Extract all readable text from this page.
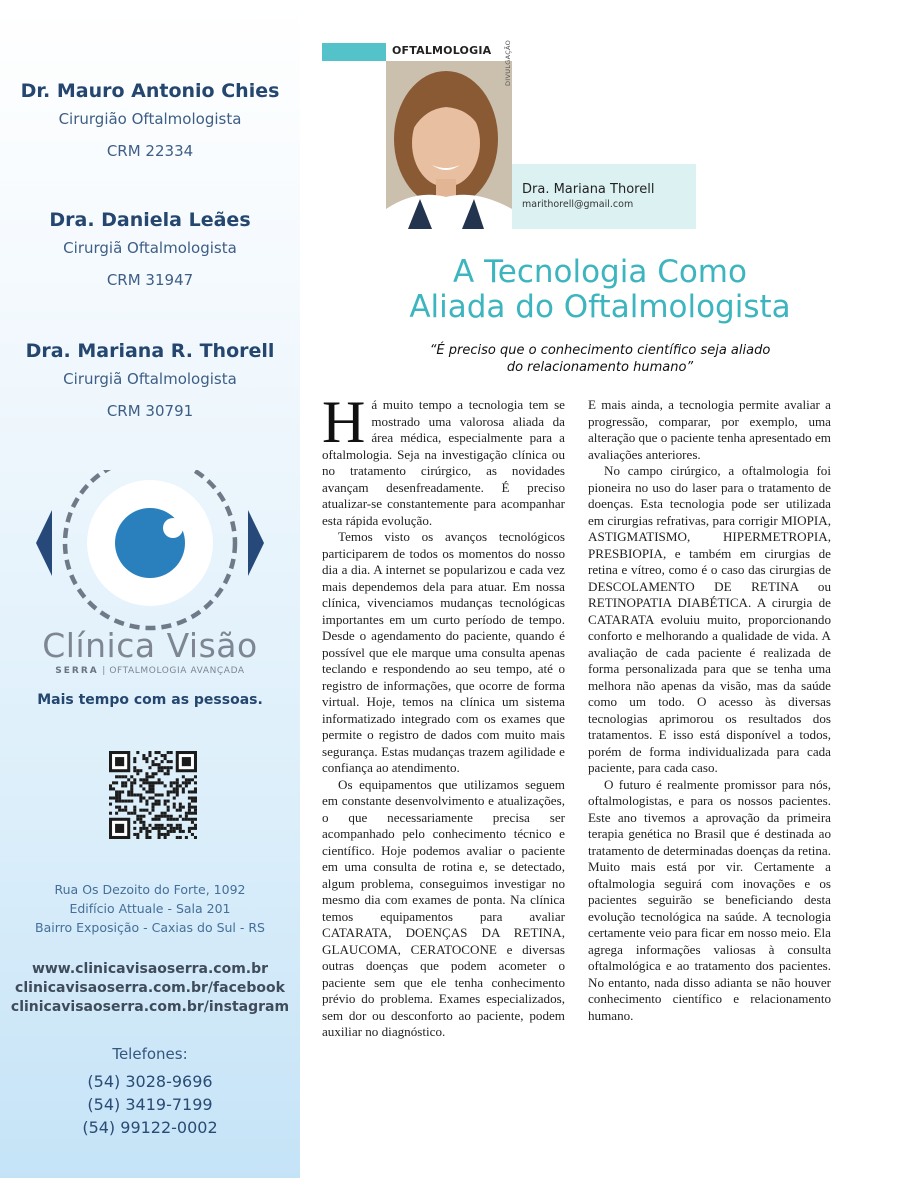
Dr. Mauro Antonio Chies
Cirurgião Oftalmologista
CRM 22334
Dra. Daniela Leães
Cirurgiã Oftalmologista
CRM 31947
Dra. Mariana R. Thorell
Cirurgiã Oftalmologista
CRM 30791
Clínica Visão
SERRA | OFTALMOLOGIA AVANÇADA
Mais tempo com as pessoas.
Rua Os Dezoito do Forte, 1092
Edifício Attuale - Sala 201
Bairro Exposição - Caxias do Sul - RS
www.clinicavisaoserra.com.br
clinicavisaoserra.com.br/facebook
clinicavisaoserra.com.br/instagram
Telefones:
(54) 3028-9696
(54) 3419-7199
(54) 99122-0002
OFTALMOLOGIA DIVULGAÇÃO
Dra. Mariana Thorell
marithorell@gmail.com
A Tecnologia Como
Aliada do Oftalmologista
“É preciso que o conhecimento científico seja aliado
do relacionamento humano”

Há muito tempo a tecnologia tem se mostrado uma valorosa aliada da área médica, especialmente para a oftalmologia. Seja na investigação clínica ou no tratamento cirúrgico, as novidades avançam desenfreadamente. É preciso atualizar-se constantemente para acompanhar esta rápida evolução.

Temos visto os avanços tecnológicos participarem de todos os momentos do nosso dia a dia. A internet se popularizou e cada vez mais dependemos dela para atuar. Em nossa clínica, vivenciamos mudanças tecnológicas importantes em um curto período de tempo. Desde o agendamento do paciente, quando é possível que ele marque uma consulta apenas teclando e respondendo ao seu tempo, até o registro de informações, que ocorre de forma virtual. Hoje, temos na clínica um sistema informatizado integrado com os exames que permite o registro de dados com muito mais segurança. Estas mudanças trazem agilidade e confiança ao atendimento.

Os equipamentos que utilizamos seguem em constante desenvolvimento e atualizações, o que necessariamente precisa ser acompanhado pelo conhecimento técnico e científico. Hoje podemos avaliar o paciente em uma consulta de rotina e, se detectado, algum problema, conseguimos investigar no mesmo dia com exames de ponta. Na clínica temos equipamentos para avaliar CATARATA, DOENÇAS DA RETINA, GLAUCOMA, CERATOCONE e diversas outras doenças que podem acometer o paciente sem que ele tenha conhecimento prévio do problema. Exames especializados, sem dor ou desconforto ao paciente, podem auxiliar no diagnóstico.

E mais ainda, a tecnologia permite avaliar a progressão, comparar, por exemplo, uma alteração que o paciente tenha apresentado em avaliações anteriores.

No campo cirúrgico, a oftalmologia foi pioneira no uso do laser para o tratamento de doenças. Esta tecnologia pode ser utilizada em cirurgias refrativas, para corrigir MIOPIA, ASTIGMATISMO, HIPERMETROPIA, PRESBIOPIA, e também em cirurgias de retina e vítreo, como é o caso das cirurgias de DESCOLAMENTO DE RETINA ou RETINOPATIA DIABÉTICA. A cirurgia de CATARATA evoluiu muito, proporcionando conforto e melhorando a qualidade de vida. A avaliação de cada paciente é realizada de forma personalizada para que se tenha uma melhora não apenas da visão, mas da saúde como um todo. O acesso às diversas tecnologias aprimorou os resultados dos tratamentos. E isso está disponível a todos, porém de forma individualizada para cada paciente, para cada caso.

O futuro é realmente promissor para nós, oftalmologistas, e para os nossos pacientes. Este ano tivemos a aprovação da primeira terapia genética no Brasil que é destinada ao tratamento de determinadas doenças da retina. Muito mais está por vir. Certamente a oftalmologia seguirá com inovações e os pacientes seguirão se beneficiando desta evolução tecnológica na saúde. A tecnologia certamente veio para ficar em nosso meio. Ela agrega informações valiosas à consulta oftalmológica e ao tratamento dos pacientes. No entanto, nada disso adianta se não houver conhecimento científico e relacionamento humano.
